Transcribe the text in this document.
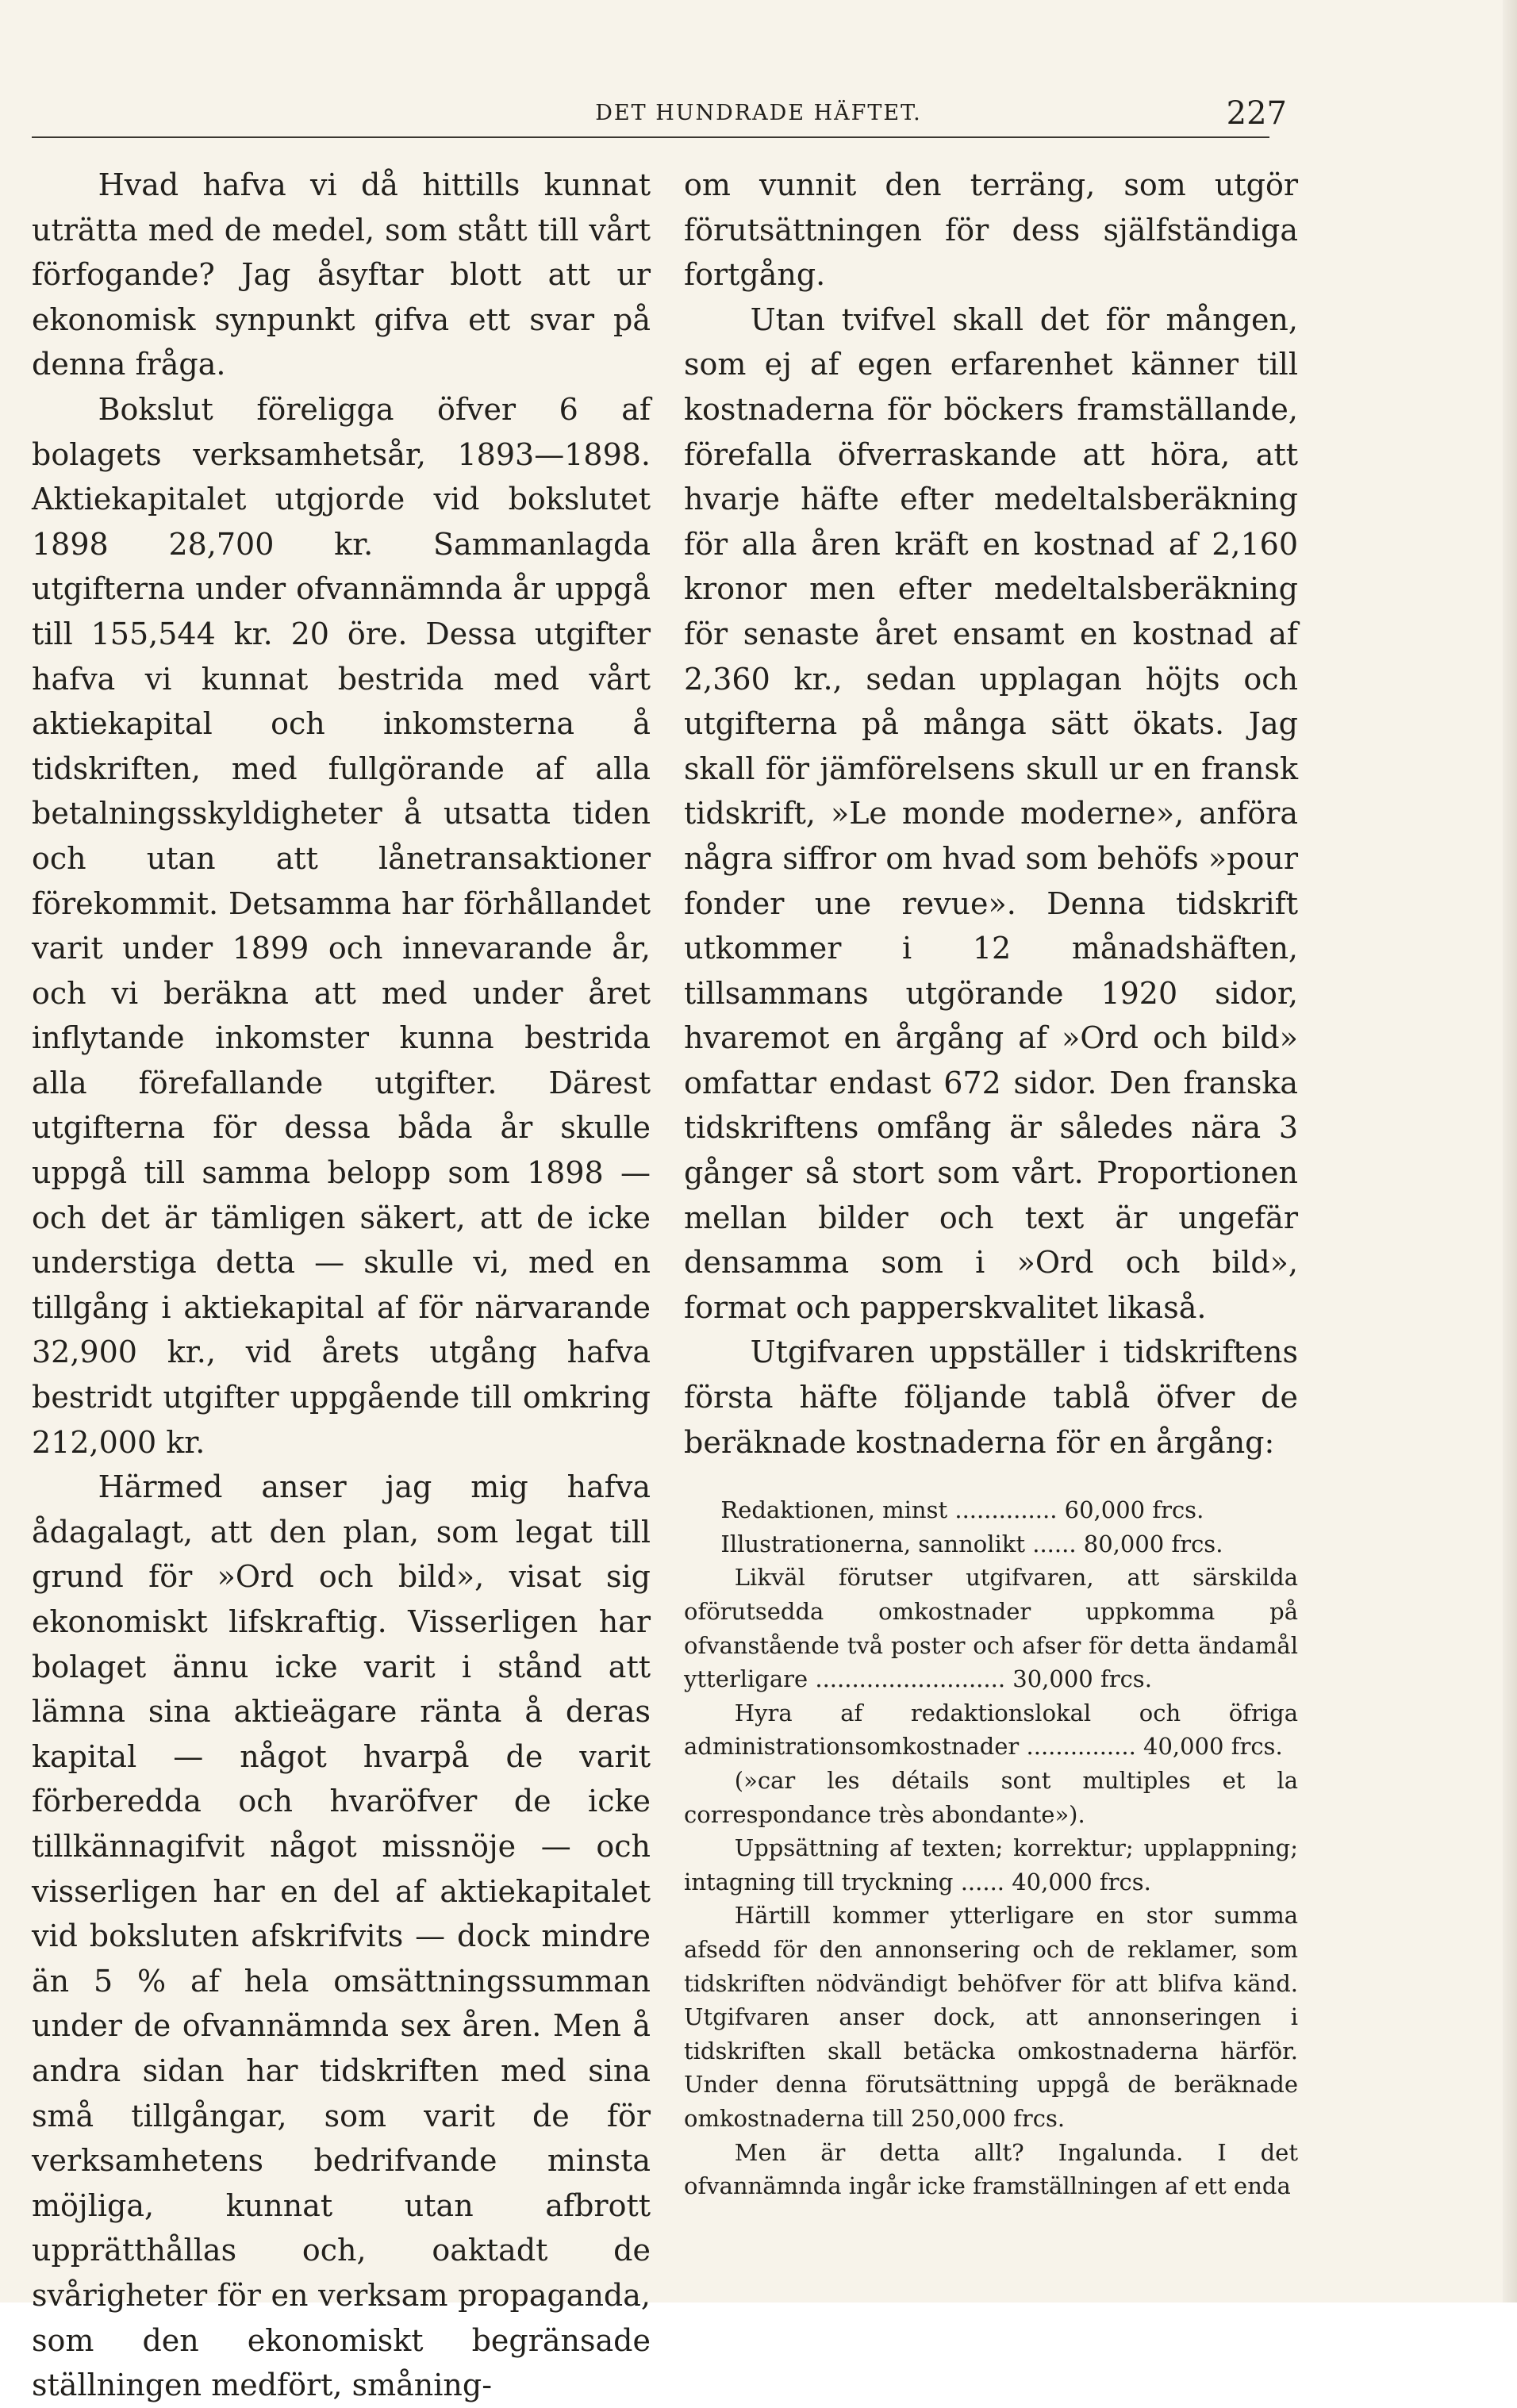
DET HUNDRADE HÄFTET.	227

Hvad hafva vi då hittills kunnat uträtta med de medel, som stått till vårt förfogande? Jag åsyftar blott att ur ekonomisk synpunkt gifva ett svar på denna fråga.

Bokslut föreligga öfver 6 af bolagets verksamhetsår, 1893—1898. Aktiekapitalet utgjorde vid bokslutet 1898 28,700 kr. Sammanlagda utgifterna under ofvannämnda år uppgå till 155,544 kr. 20 öre. Dessa utgifter hafva vi kunnat bestrida med vårt aktiekapital och inkomsterna å tidskriften, med fullgörande af alla betalningsskyldigheter å utsatta tiden och utan att lånetransaktioner förekommit. Detsamma har förhållandet varit under 1899 och innevarande år, och vi beräkna att med under året inflytande inkomster kunna bestrida alla förefallande utgifter. Därest utgifterna för dessa båda år skulle uppgå till samma belopp som 1898 — och det är tämligen säkert, att de icke understiga detta — skulle vi, med en tillgång i aktiekapital af för närvarande 32,900 kr., vid årets utgång hafva bestridt utgifter uppgående till omkring 212,000 kr.

Härmed anser jag mig hafva ådagalagt, att den plan, som legat till grund för »Ord och bild», visat sig ekonomiskt lifskraftig. Visserligen har bolaget ännu icke varit i stånd att lämna sina aktieägare ränta å deras kapital — något hvarpå de varit förberedda och hvaröfver de icke tillkännagifvit något missnöje — och visserligen har en del af aktiekapitalet vid boksluten afskrifvits — dock mindre än 5 % af hela omsättningssumman under de ofvannämnda sex åren. Men å andra sidan har tidskriften med sina små tillgångar, som varit de för verksamhetens bedrifvande minsta möjliga, kunnat utan afbrott upprätthållas och, oaktadt de svårigheter för en verksam propaganda, som den ekonomiskt begränsade ställningen medfört, småning-

om vunnit den terräng, som utgör förutsättningen för dess själfständiga fortgång.

Utan tvifvel skall det för mången, som ej af egen erfarenhet känner till kostnaderna för böckers framställande, förefalla öfverraskande att höra, att hvarje häfte efter medeltalsberäkning för alla åren kräft en kostnad af 2,160 kronor men efter medeltalsberäkning för senaste året ensamt en kostnad af 2,360 kr., sedan upplagan höjts och utgifterna på många sätt ökats. Jag skall för jämförelsens skull ur en fransk tidskrift, »Le monde moderne», anföra några siffror om hvad som behöfs »pour fonder une revue». Denna tidskrift utkommer i 12 månadshäften, tillsammans utgörande 1920 sidor, hvaremot en årgång af »Ord och bild» omfattar endast 672 sidor. Den franska tidskriftens omfång är således nära 3 gånger så stort som vårt. Proportionen mellan bilder och text är ungefär densamma som i »Ord och bild», format och papperskvalitet likaså.

Utgifvaren uppställer i tidskriftens första häfte följande tablå öfver de beräknade kostnaderna för en årgång:

Redaktionen, minst .............. 60,000 frcs.

Illustrationerna, sannolikt ...... 80,000 frcs.

Likväl förutser utgifvaren, att särskilda oförutsedda omkostnader uppkomma på ofvanstående två poster och afser för detta ändamål ytterligare .......................... 30,000 frcs.

Hyra af redaktionslokal och öfriga administrationsomkostnader ............... 40,000 frcs.

(»car les détails sont multiples et la correspondance très abondante»).

Uppsättning af texten; korrektur; upplappning; intagning till tryckning ...... 40,000 frcs.

Härtill kommer ytterligare en stor summa afsedd för den annonsering och de reklamer, som tidskriften nödvändigt behöfver för att blifva känd. Utgifvaren anser dock, att annonseringen i tidskriften skall betäcka omkostnaderna härför. Under denna förutsättning uppgå de beräknade omkostnaderna till 250,000 frcs.

Men är detta allt? Ingalunda. I det ofvannämnda ingår icke framställningen af ett enda
